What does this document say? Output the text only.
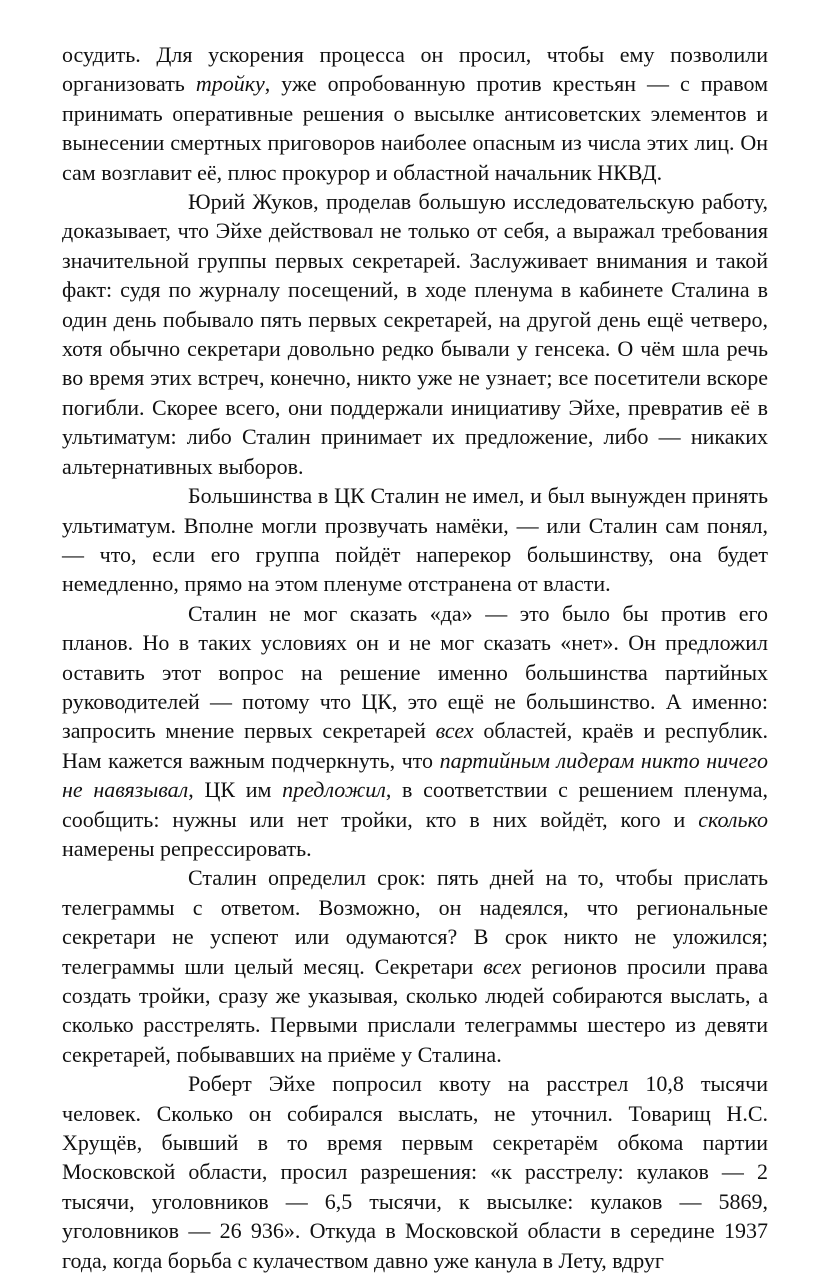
осудить. Для ускорения процесса он просил, чтобы ему позволили организовать тройку, уже опробованную против крестьян — с правом принимать оперативные решения о высылке антисоветских элементов и вынесении смертных приговоров наиболее опасным из числа этих лиц. Он сам возглавит её, плюс прокурор и областной начальник НКВД.

Юрий Жуков, проделав большую исследовательскую работу, доказывает, что Эйхе действовал не только от себя, а выражал требования значительной группы первых секретарей. Заслуживает внимания и такой факт: судя по журналу посещений, в ходе пленума в кабинете Сталина в один день побывало пять первых секретарей, на другой день ещё четверо, хотя обычно секретари довольно редко бывали у генсека. О чём шла речь во время этих встреч, конечно, никто уже не узнает; все посетители вскоре погибли. Скорее всего, они поддержали инициативу Эйхе, превратив её в ультиматум: либо Сталин принимает их предложение, либо — никаких альтернативных выборов.

Большинства в ЦК Сталин не имел, и был вынужден принять ультиматум. Вполне могли прозвучать намёки, — или Сталин сам понял, — что, если его группа пойдёт наперекор большинству, она будет немедленно, прямо на этом пленуме отстранена от власти.

Сталин не мог сказать «да» — это было бы против его планов. Но в таких условиях он и не мог сказать «нет». Он предложил оставить этот вопрос на решение именно большинства партийных руководителей — потому что ЦК, это ещё не большинство. А именно: запросить мнение первых секретарей всех областей, краёв и республик. Нам кажется важным подчеркнуть, что партийным лидерам никто ничего не навязывал, ЦК им предложил, в соответствии с решением пленума, сообщить: нужны или нет тройки, кто в них войдёт, кого и сколько намерены репрессировать.

Сталин определил срок: пять дней на то, чтобы прислать телеграммы с ответом. Возможно, он надеялся, что региональные секретари не успеют или одумаются? В срок никто не уложился; телеграммы шли целый месяц. Секретари всех регионов просили права создать тройки, сразу же указывая, сколько людей собираются выслать, а сколько расстрелять. Первыми прислали телеграммы шестеро из девяти секретарей, побывавших на приёме у Сталина.

Роберт Эйхе попросил квоту на расстрел 10,8 тысячи человек. Сколько он собирался выслать, не уточнил. Товарищ Н.С. Хрущёв, бывший в то время первым секретарём обкома партии Московской области, просил разрешения: «к расстрелу: кулаков — 2 тысячи, уголовников — 6,5 тысячи, к высылке: кулаков — 5869, уголовников — 26 936». Откуда в Московской области в середине 1937 года, когда борьба с кулачеством давно уже канула в Лету, вдруг
